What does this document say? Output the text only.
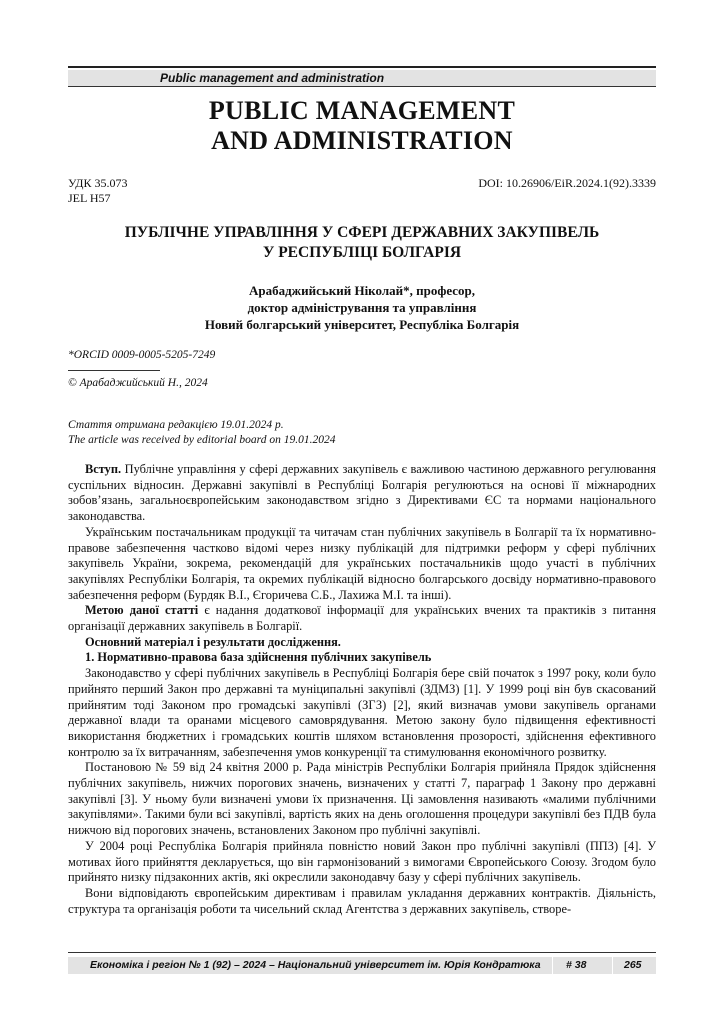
Public management and administration
PUBLIC MANAGEMENT
AND ADMINISTRATION
УДК 35.073
JEL H57
DOI: 10.26906/EiR.2024.1(92).3339
ПУБЛІЧНЕ УПРАВЛІННЯ У СФЕРІ ДЕРЖАВНИХ ЗАКУПІВЕЛЬ
У РЕСПУБЛІЦІ БОЛГАРІЯ
Арабаджийський Ніколай*, професор,
доктор адміністрування та управління
Новий болгарський університет, Республіка Болгарія
*ORCID 0009-0005-5205-7249
© Арабаджийський Н., 2024
Стаття отримана редакцією 19.01.2024 р.
The article was received by editorial board on 19.01.2024

Вступ. Публічне управління у сфері державних закупівель є важливою частиною державного регулювання суспільних відносин. Державні закупівлі в Республіці Болгарія регулюються на основі її міжнародних зобов’язань, загальноєвропейським законодавством згідно з Директивами ЄС та нормами національного законодавства.

Українським постачальникам продукції та читачам стан публічних закупівель в Болгарії та їх нормативно-правове забезпечення частково відомі через низку публікацій для підтримки реформ у сфері публічних закупівель України, зокрема, рекомендацій для українських постачальників щодо участі в публічних закупівлях Республіки Болгарія, та окремих публікацій відносно болгарського досвіду нормативно-правового забезпечення реформ (Бурдяк В.І., Єгоричева С.Б., Лахижа М.І. та інші).

Метою даної статті є надання додаткової інформації для українських вчених та практиків з питання організації державних закупівель в Болгарії.

Основний матеріал і результати дослідження.

1. Нормативно-правова база здійснення публічних закупівель

Законодавство у сфері публічних закупівель в Республіці Болгарія бере свій початок з 1997 року, коли було прийнято перший Закон про державні та муніципальні закупівлі (ЗДМЗ) [1]. У 1999 році він був скасований прийнятим тоді Законом про громадські закупівлі (ЗГЗ) [2], який визначав умови закупівель органами державної влади та оранами місцевого самоврядування. Метою закону було підвищення ефективності використання бюджетних і громадських коштів шляхом встановлення прозорості, здійснення ефективного контролю за їх витрачанням, забезпечення умов конкуренції та стимулювання економічного розвитку.

Постановою № 59 від 24 квітня 2000 р. Рада міністрів Республіки Болгарія прийняла Прядок здійснення публічних закупівель, нижчих порогових значень, визначених у статті 7, параграф 1 Закону про державні закупівлі [3]. У ньому були визначені умови їх призначення. Ці замовлення називають «малими публічними закупівлями». Такими були всі закупівлі, вартість яких на день оголошення процедури закупівлі без ПДВ була нижчою від порогових значень, встановлених Законом про публічні закупівлі.

У 2004 році Республіка Болгарія прийняла повністю новий Закон про публічні закупівлі (ППЗ) [4]. У мотивах його прийняття декларується, що він гармонізований з вимогами Європейського Союзу. Згодом було прийнято низку підзаконних актів, які окреслили законодавчу базу у сфері публічних закупівель.

Вони відповідають європейським директивам і правилам укладання державних контрактів. Діяльність, структура та організація роботи та чисельний склад Агентства з державних закупівель, створе-

Економіка і регіон № 1 (92) – 2024 – Національний університет ім. Юрія Кондратюка # 38	265
